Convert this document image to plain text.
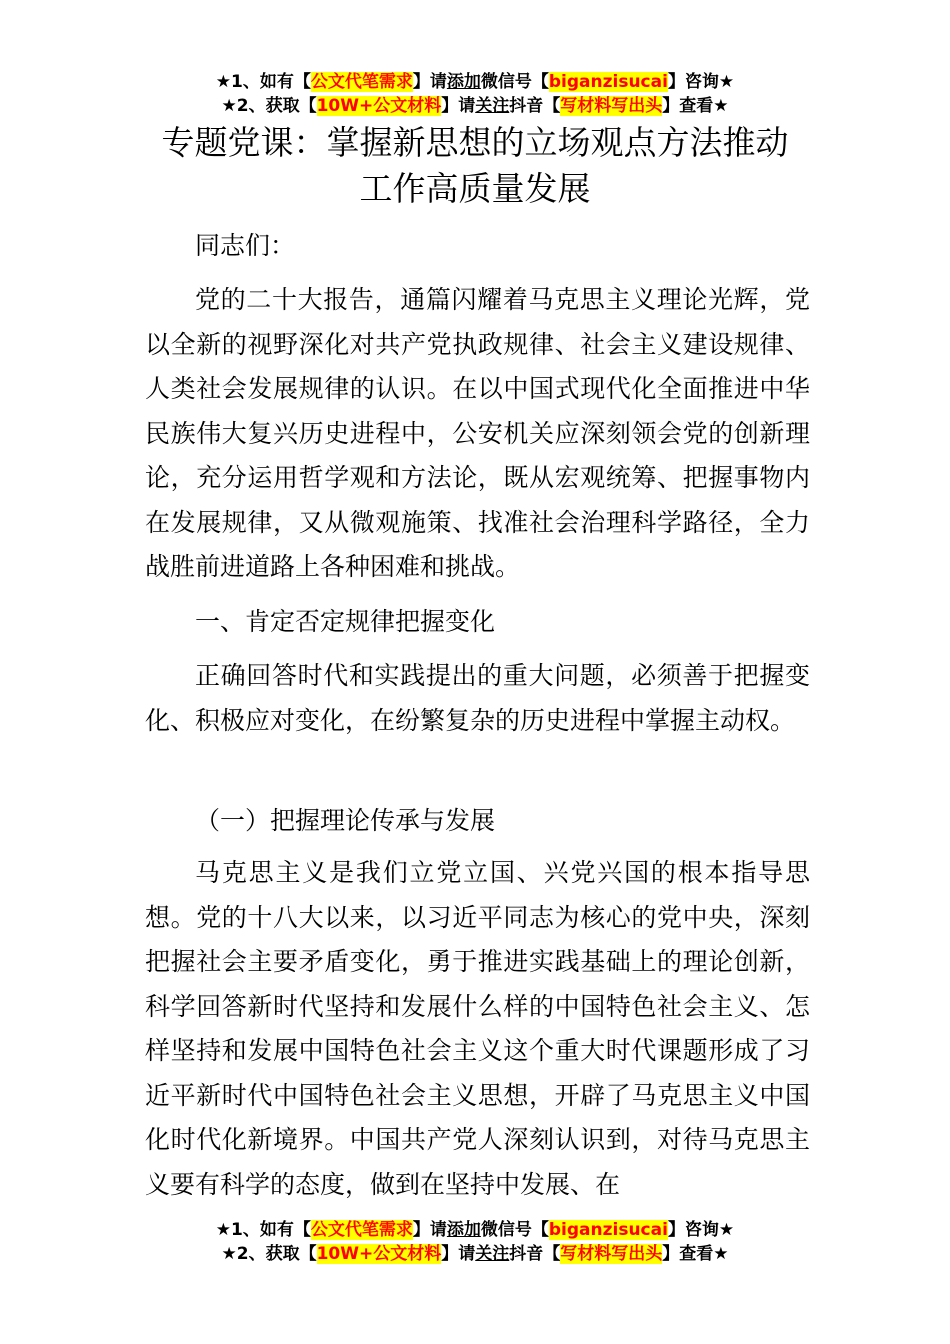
★1、如有【公文代笔需求】请添加微信号【biganzisucai】咨询★
★2、获取【10W+公文材料】请关注抖音【写材料写出头】查看★
专题党课：掌握新思想的立场观点方法推动
工作高质量发展
同志们：
党的二十大报告，通篇闪耀着马克思主义理论光辉，党以全新的视野深化对共产党执政规律、社会主义建设规律、人类社会发展规律的认识。在以中国式现代化全面推进中华民族伟大复兴历史进程中，公安机关应深刻领会党的创新理论，充分运用哲学观和方法论，既从宏观统筹、把握事物内在发展规律，又从微观施策、找准社会治理科学路径，全力战胜前进道路上各种困难和挑战。
一、肯定否定规律把握变化
正确回答时代和实践提出的重大问题，必须善于把握变化、积极应对变化，在纷繁复杂的历史进程中掌握主动权。
（一）把握理论传承与发展
马克思主义是我们立党立国、兴党兴国的根本指导思想。党的十八大以来，以习近平同志为核心的党中央，深刻把握社会主要矛盾变化，勇于推进实践基础上的理论创新，科学回答新时代坚持和发展什么样的中国特色社会主义、怎样坚持和发展中国特色社会主义这个重大时代课题形成了习近平新时代中国特色社会主义思想，开辟了马克思主义中国化时代化新境界。中国共产党人深刻认识到，对待马克思主义要有科学的态度，做到在坚持中发展、在
★1、如有【公文代笔需求】请添加微信号【biganzisucai】咨询★
★2、获取【10W+公文材料】请关注抖音【写材料写出头】查看★
